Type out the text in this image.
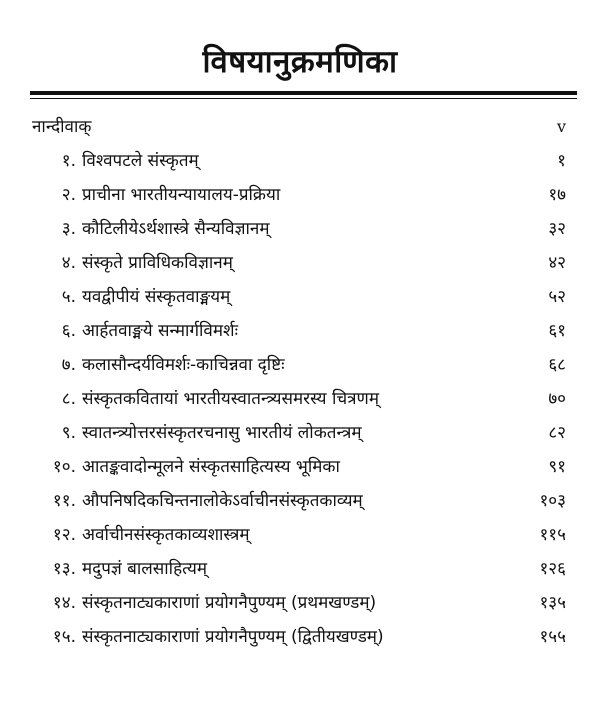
विषयानुक्रमणिका
नान्दीवाक्	v
१. विश्वपटले संस्कृतम्	१
२. प्राचीना भारतीयन्यायालय-प्रक्रिया	१७
३. कौटिलीयेऽर्थशास्त्रे सैन्यविज्ञानम्	३२
४. संस्कृते प्राविधिकविज्ञानम्	४२
५. यवद्वीपीयं संस्कृतवाङ्मयम्	५२
६. आर्हतवाङ्मये सन्मार्गविमर्शः	६१
७. कलासौन्दर्यविमर्शः-काचिन्नवा दृष्टिः	६८
८. संस्कृतकवितायां भारतीयस्वातन्त्र्यसमरस्य चित्रणम्	७०
९. स्वातन्त्र्योत्तरसंस्कृतरचनासु भारतीयं लोकतन्त्रम्	८२
१०. आतङ्कवादोन्मूलने संस्कृतसाहित्यस्य भूमिका	९१
११. औपनिषदिकचिन्तनालोकेऽर्वाचीनसंस्कृतकाव्यम्	१०३
१२. अर्वाचीनसंस्कृतकाव्यशास्त्रम्	११५
१३. मदुपज्ञं बालसाहित्यम्	१२६
१४. संस्कृतनाट्यकाराणां प्रयोगनैपुण्यम् (प्रथमखण्डम्)	१३५
१५. संस्कृतनाट्यकाराणां प्रयोगनैपुण्यम् (द्वितीयखण्डम्)	१५५
